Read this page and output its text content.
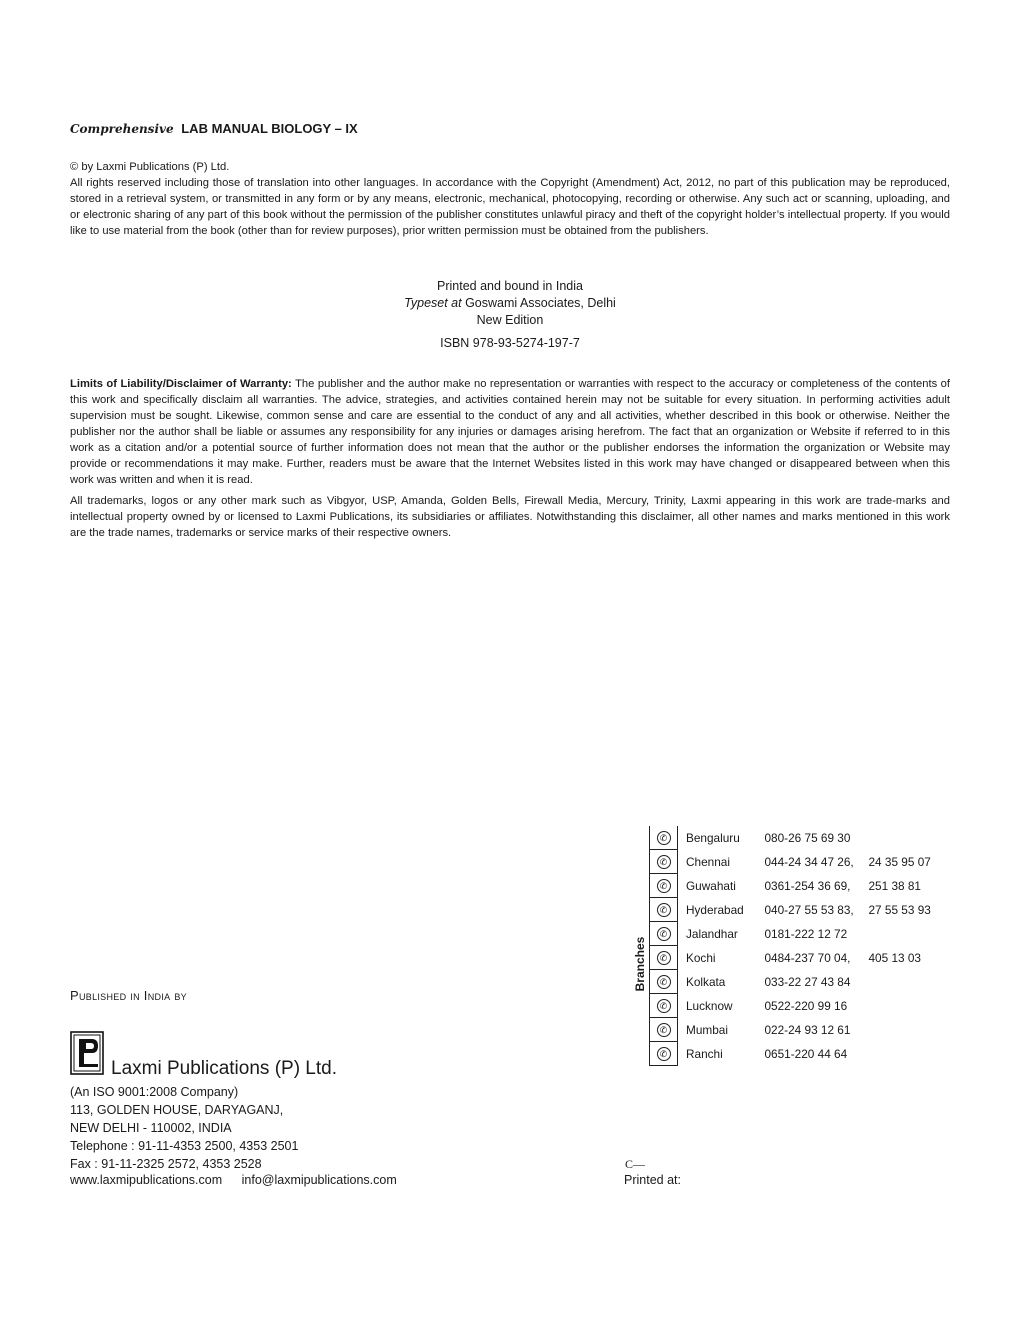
Comprehensive LAB MANUAL BIOLOGY – IX
© by Laxmi Publications (P) Ltd.
All rights reserved including those of translation into other languages. In accordance with the Copyright (Amendment) Act, 2012, no part of this publication may be reproduced, stored in a retrieval system, or transmitted in any form or by any means, electronic, mechanical, photocopying, recording or otherwise. Any such act or scanning, uploading, and or electronic sharing of any part of this book without the permission of the publisher constitutes unlawful piracy and theft of the copyright holder’s intellectual property. If you would like to use material from the book (other than for review purposes), prior written permission must be obtained from the publishers.
Printed and bound in India
Typeset at Goswami Associates, Delhi
New Edition
ISBN 978-93-5274-197-7
Limits of Liability/Disclaimer of Warranty: The publisher and the author make no representation or warranties with respect to the accuracy or completeness of the contents of this work and specifically disclaim all warranties. The advice, strategies, and activities contained herein may not be suitable for every situation. In performing activities adult supervision must be sought. Likewise, common sense and care are essential to the conduct of any and all activities, whether described in this book or otherwise. Neither the publisher nor the author shall be liable or assumes any responsibility for any injuries or damages arising herefrom. The fact that an organization or Website if referred to in this work as a citation and/or a potential source of further information does not mean that the author or the publisher endorses the information the organization or Website may provide or recommendations it may make. Further, readers must be aware that the Internet Websites listed in this work may have changed or disappeared between when this work was written and when it is read.
All trademarks, logos or any other mark such as Vibgyor, USP, Amanda, Golden Bells, Firewall Media, Mercury, Trinity, Laxmi appearing in this work are trade-marks and intellectual property owned by or licensed to Laxmi Publications, its subsidiaries or affiliates. Notwithstanding this disclaimer, all other names and marks mentioned in this work are the trade names, trademarks or service marks of their respective owners.
Published in India by
Laxmi Publications (P) Ltd.
(An ISO 9001:2008 Company)
113, GOLDEN HOUSE, DARYAGANJ,
NEW DELHI - 110002, INDIA
Telephone : 91-11-4353 2500, 4353 2501
Fax : 91-11-2325 2572, 4353 2528
www.laxmipublications.com info@laxmipublications.com
C—
Printed at:
Branches
✆	Bengaluru	080-26 75 69 30	
✆	Chennai	044-24 34 47 26,	24 35 95 07
✆	Guwahati	0361-254 36 69,	251 38 81
✆	Hyderabad	040-27 55 53 83,	27 55 53 93
✆	Jalandhar	0181-222 12 72	
✆	Kochi	0484-237 70 04,	405 13 03
✆	Kolkata	033-22 27 43 84	
✆	Lucknow	0522-220 99 16	
✆	Mumbai	022-24 93 12 61	
✆	Ranchi	0651-220 44 64	
